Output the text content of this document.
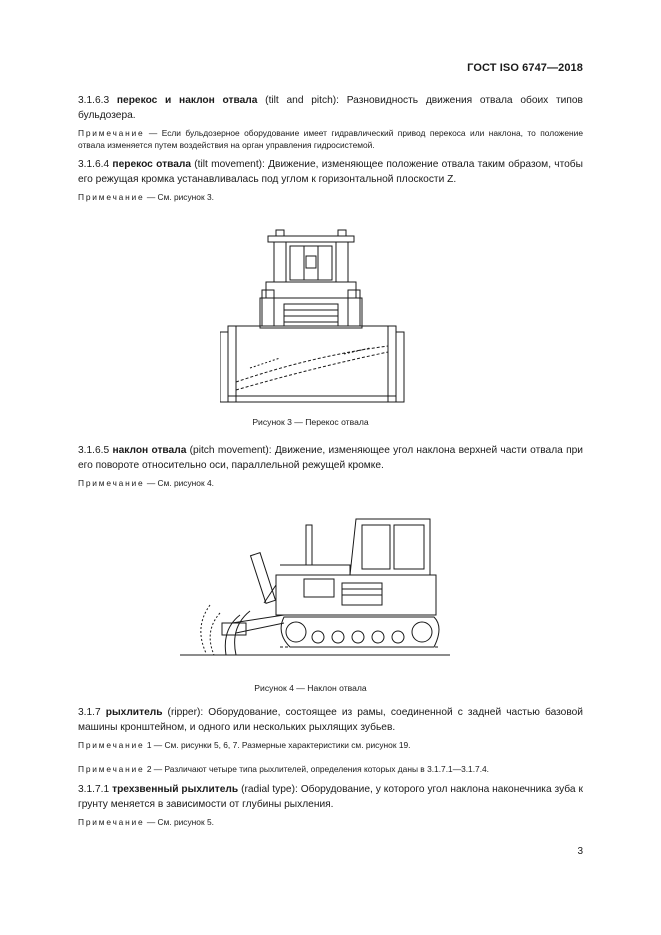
ГОСТ ISO 6747—2018
3.1.6.3 перекос и наклон отвала (tilt and pitch): Разновидность движения отвала обоих типов бульдозера.
Примечание — Если бульдозерное оборудование имеет гидравлический привод перекоса или наклона, то положение отвала изменяется путем воздействия на орган управления гидросистемой.
3.1.6.4 перекос отвала (tilt movement): Движение, изменяющее положение отвала таким образом, чтобы его режущая кромка устанавливалась под углом к горизонтальной плоскости Z.
Примечание — См. рисунок 3.
Рисунок 3 — Перекос отвала
3.1.6.5 наклон отвала (pitch movement): Движение, изменяющее угол наклона верхней части отвала при его повороте относительно оси, параллельной режущей кромке.
Примечание — См. рисунок 4.
Рисунок 4 — Наклон отвала
3.1.7 рыхлитель (ripper): Оборудование, состоящее из рамы, соединенной с задней частью базовой машины кронштейном, и одного или нескольких рыхлящих зубьев.
Примечание 1 — См. рисунки 5, 6, 7. Размерные характеристики см. рисунок 19.
Примечание 2 — Различают четыре типа рыхлителей, определения которых даны в 3.1.7.1—3.1.7.4.
3.1.7.1 трехзвенный рыхлитель (radial type): Оборудование, у которого угол наклона наконечника зуба к грунту меняется в зависимости от глубины рыхления.
Примечание — См. рисунок 5.
3
